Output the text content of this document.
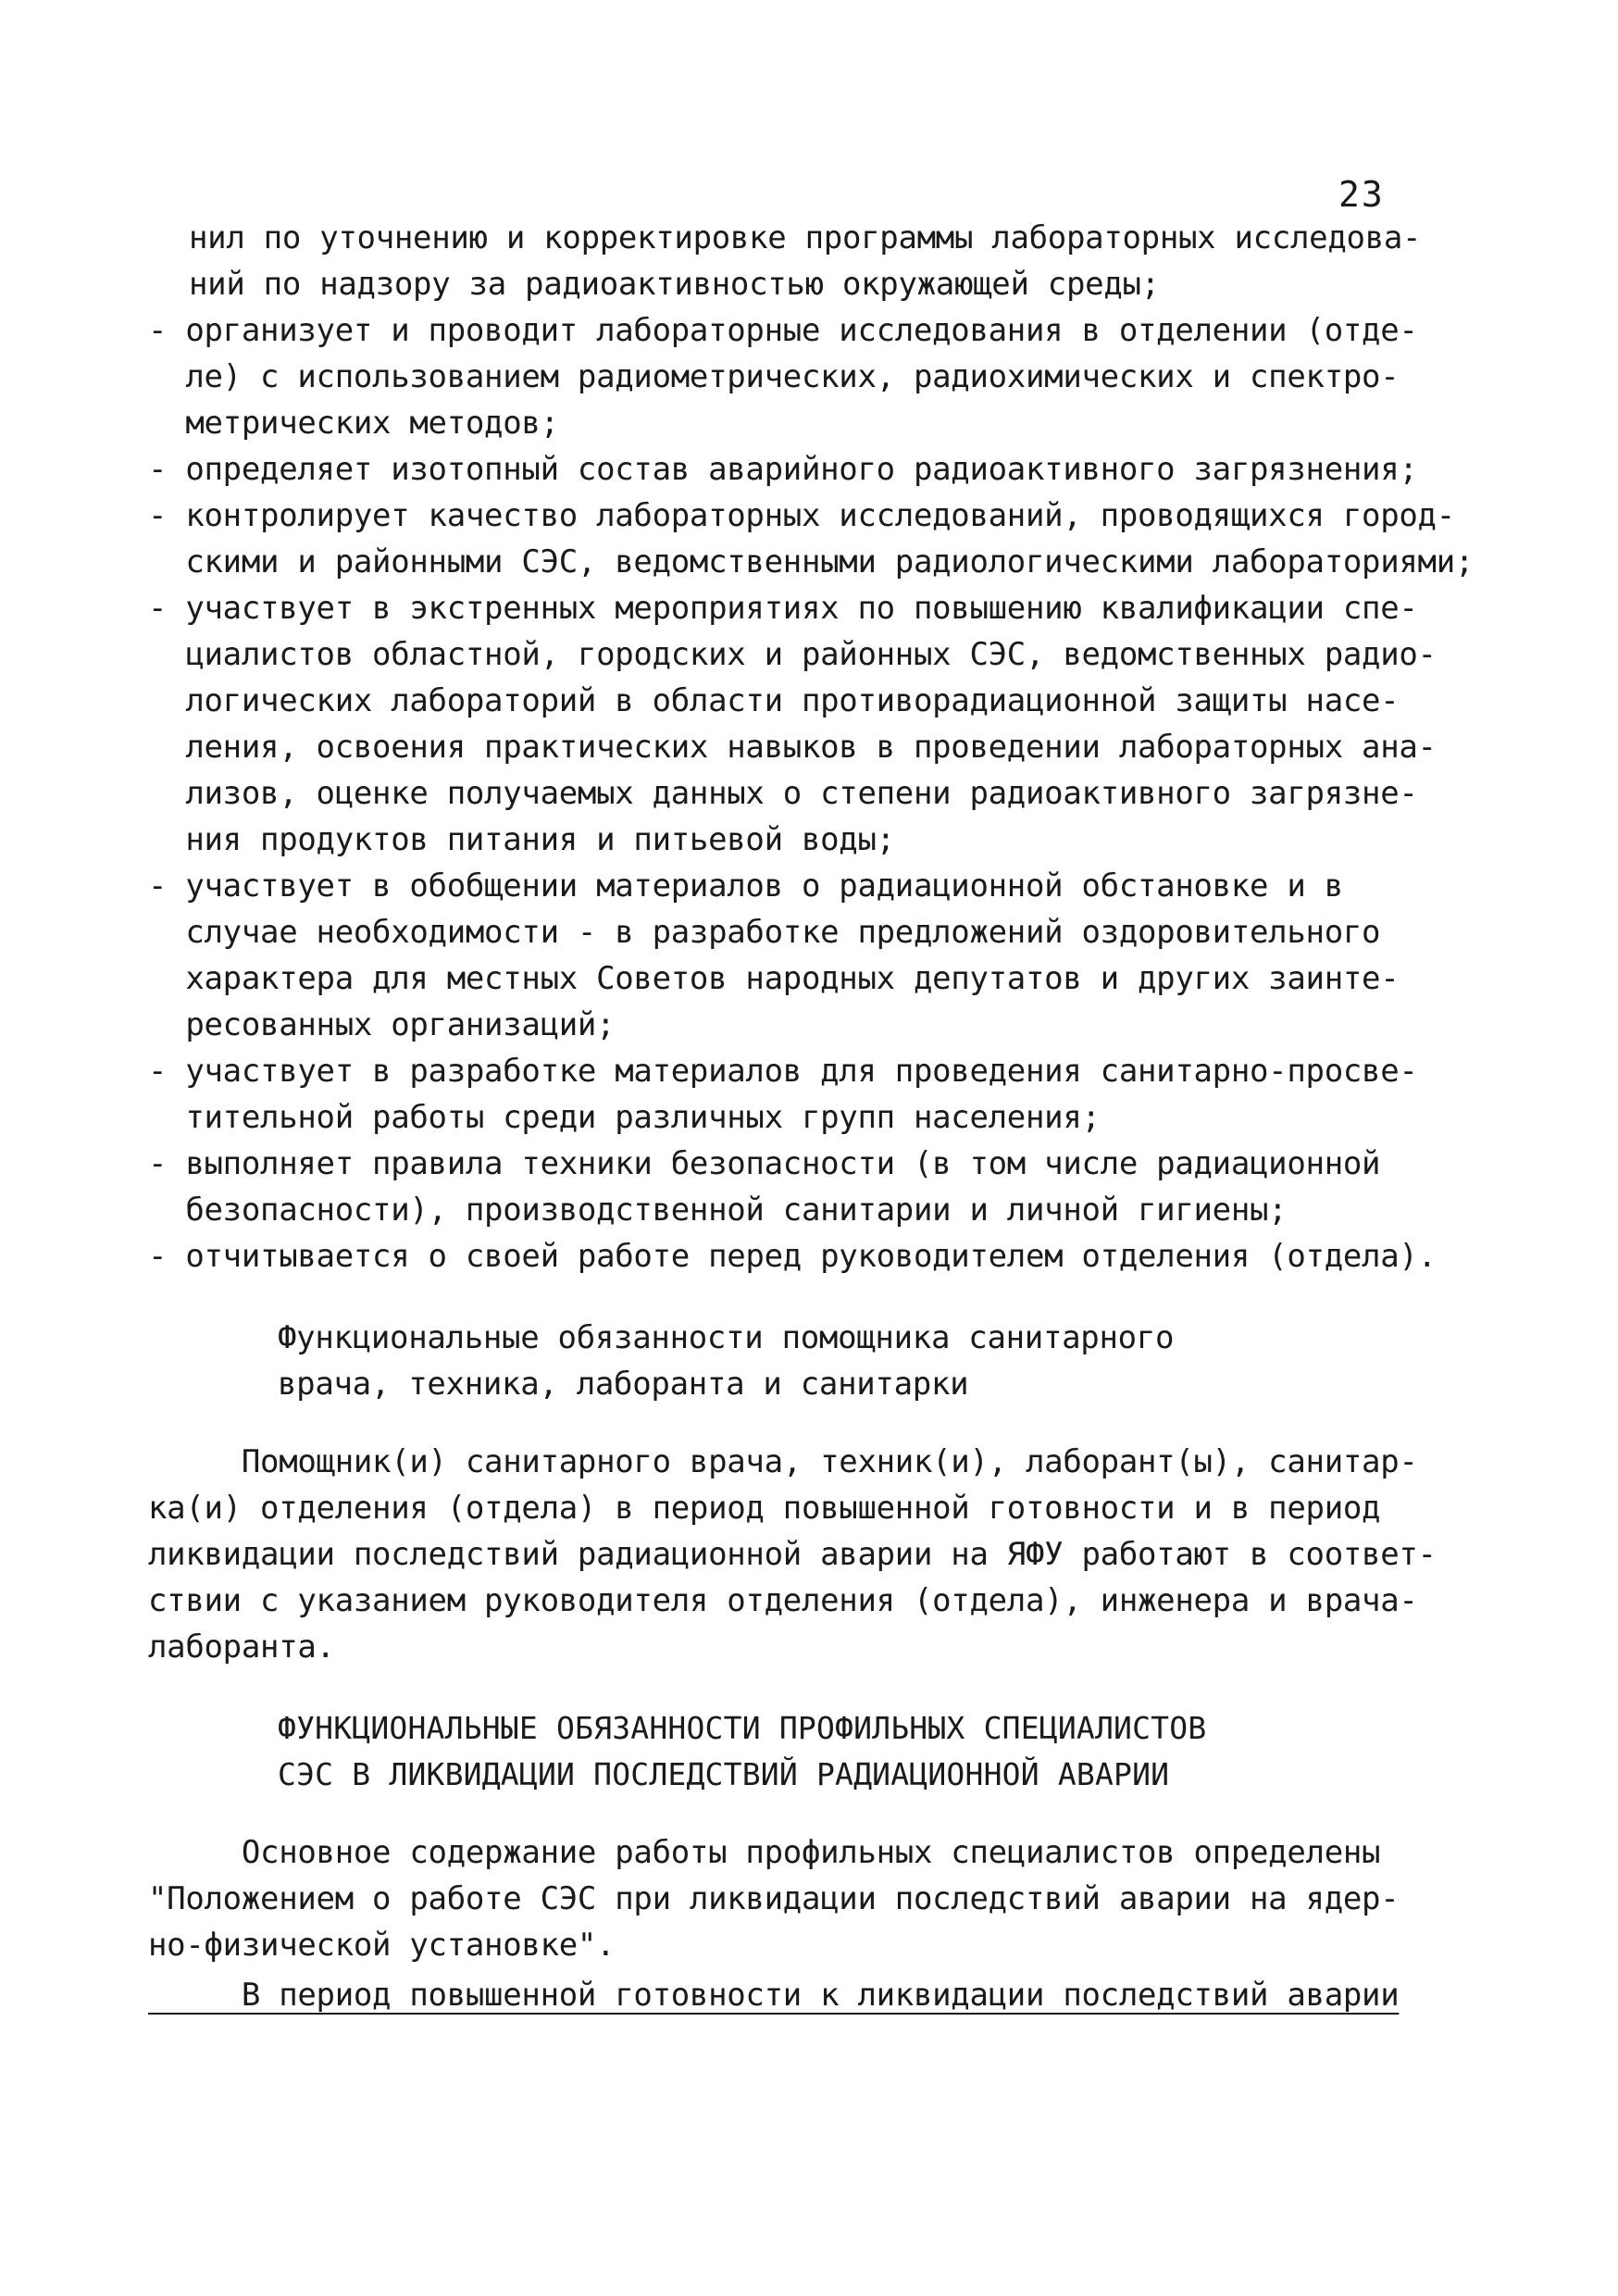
23
нил по уточнению и корректировке программы лабораторных исследова-
ний по надзору за радиоактивностью окружающей среды;
- организует и проводит лабораторные исследования в отделении (отде-
ле) с использованием радиометрических, радиохимических и спектро-
метрических методов;
- определяет изотопный состав аварийного радиоактивного загрязнения;
- контролирует качество лабораторных исследований, проводящихся город-
скими и районными СЭС, ведомственными радиологическими лабораториями;
- участвует в экстренных мероприятиях по повышению квалификации спе-
циалистов областной, городских и районных СЭС, ведомственных радио-
логических лабораторий в области противорадиационной защиты насе-
ления, освоения практических навыков в проведении лабораторных ана-
лизов, оценке получаемых данных о степени радиоактивного загрязне-
ния продуктов питания и питьевой воды;
- участвует в обобщении материалов о радиационной обстановке и в
случае необходимости - в разработке предложений оздоровительного
характера для местных Советов народных депутатов и других заинте-
ресованных организаций;
- участвует в разработке материалов для проведения санитарно-просве-
тительной работы среди различных групп населения;
- выполняет правила техники безопасности (в том числе радиационной
безопасности), производственной санитарии и личной гигиены;
- отчитывается о своей работе перед руководителем отделения (отдела).
Функциональные обязанности помощника санитарного
врача, техника, лаборанта и санитарки
Помощник(и) санитарного врача, техник(и), лаборант(ы), санитар-
ка(и) отделения (отдела) в период повышенной готовности и в период
ликвидации последствий радиационной аварии на ЯФУ работают в соответ-
ствии с указанием руководителя отделения (отдела), инженера и врача-
лаборанта.
ФУНКЦИОНАЛЬНЫЕ ОБЯЗАННОСТИ ПРОФИЛЬНЫХ СПЕЦИАЛИСТОВ
СЭС В ЛИКВИДАЦИИ ПОСЛЕДСТВИЙ РАДИАЦИОННОЙ АВАРИИ
Основное содержание работы профильных специалистов определены
"Положением о работе СЭС при ликвидации последствий аварии на ядер-
но-физической установке".
В период повышенной готовности к ликвидации последствий аварии
